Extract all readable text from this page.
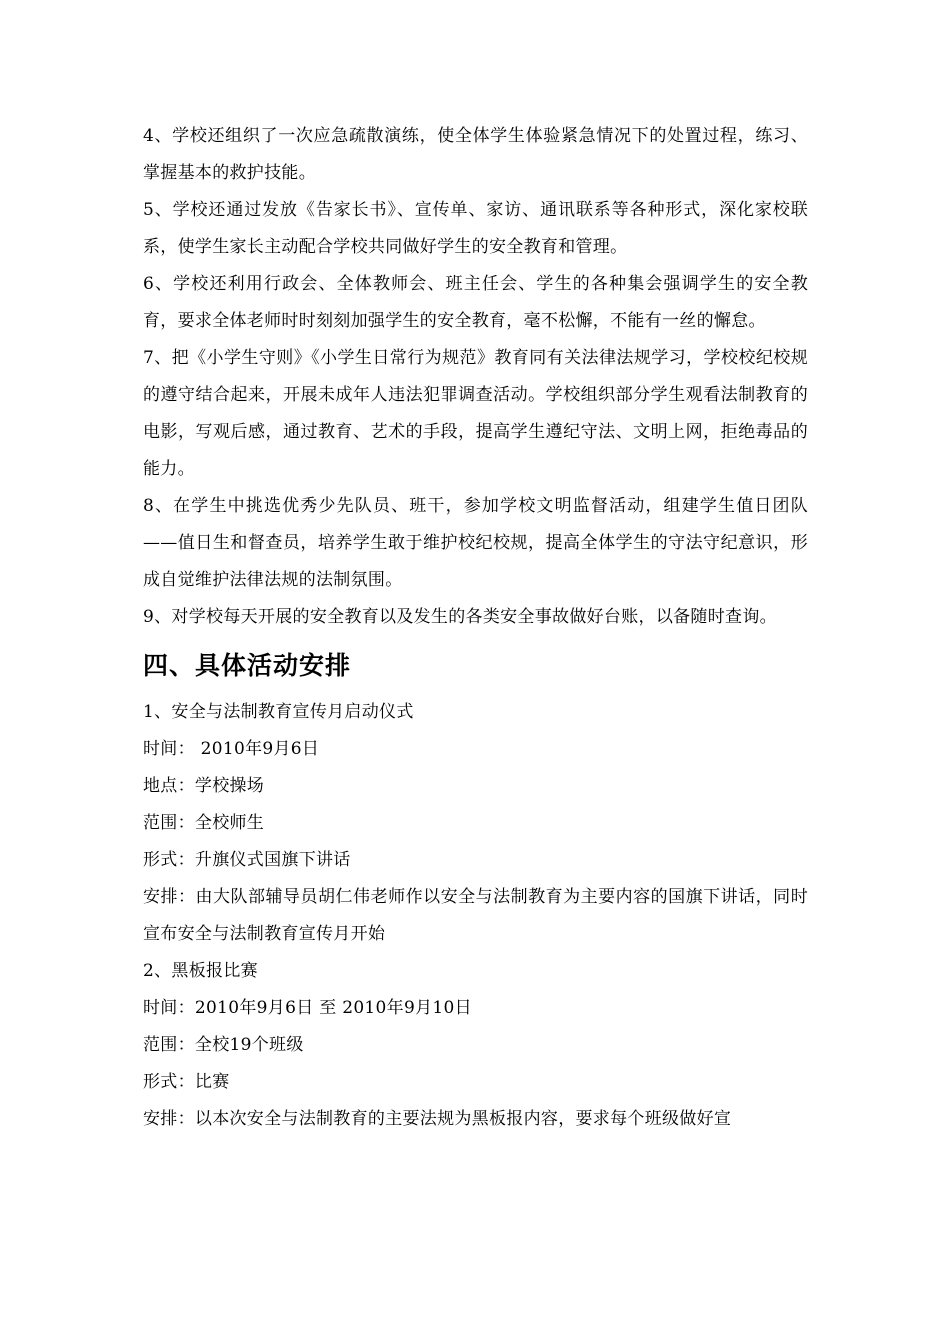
4、学校还组织了一次应急疏散演练，使全体学生体验紧急情况下的处置过程，练习、掌握基本的救护技能。

5、学校还通过发放《告家长书》、宣传单、家访、通讯联系等各种形式，深化家校联系，使学生家长主动配合学校共同做好学生的安全教育和管理。

6、学校还利用行政会、全体教师会、班主任会、学生的各种集会强调学生的安全教育，要求全体老师时时刻刻加强学生的安全教育，毫不松懈，不能有一丝的懈怠。

7、把《小学生守则》《小学生日常行为规范》教育同有关法律法规学习，学校校纪校规的遵守结合起来，开展未成年人违法犯罪调查活动。学校组织部分学生观看法制教育的电影，写观后感，通过教育、艺术的手段，提高学生遵纪守法、文明上网，拒绝毒品的能力。

8、在学生中挑选优秀少先队员、班干，参加学校文明监督活动，组建学生值日团队——值日生和督查员，培养学生敢于维护校纪校规，提高全体学生的守法守纪意识，形成自觉维护法律法规的法制氛围。

9、对学校每天开展的安全教育以及发生的各类安全事故做好台账，以备随时查询。

四、具体活动安排

1、安全与法制教育宣传月启动仪式

时间： 2010年9月6日

地点：学校操场

范围：全校师生

形式：升旗仪式国旗下讲话

安排：由大队部辅导员胡仁伟老师作以安全与法制教育为主要内容的国旗下讲话，同时宣布安全与法制教育宣传月开始

2、黑板报比赛

时间：2010年9月6日 至 2010年9月10日

范围：全校19个班级

形式：比赛

安排：以本次安全与法制教育的主要法规为黑板报内容，要求每个班级做好宣
